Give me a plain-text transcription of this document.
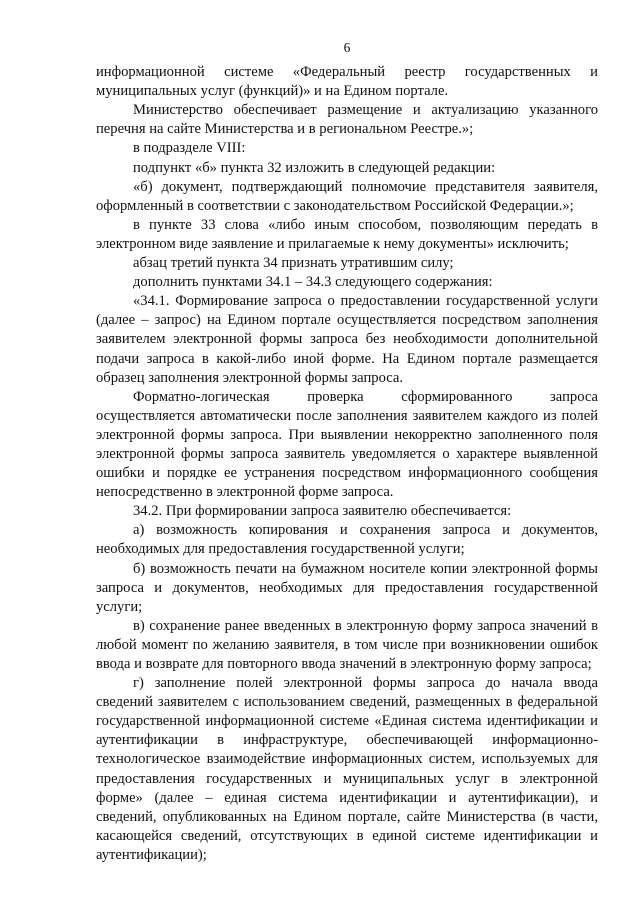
6

информационной системе «Федеральный реестр государственных и муниципальных услуг (функций)» и на Едином портале.

Министерство обеспечивает размещение и актуализацию указанного перечня на сайте Министерства и в региональном Реестре.»;

в подразделе VIII:

подпункт «б» пункта 32 изложить в следующей редакции:

«б) документ, подтверждающий полномочие представителя заявителя, оформленный в соответствии с законодательством Российской Федерации.»;

в пункте 33 слова «либо иным способом, позволяющим передать в электронном виде заявление и прилагаемые к нему документы» исключить;

абзац третий пункта 34 признать утратившим силу;

дополнить пунктами 34.1 – 34.3 следующего содержания:

«34.1. Формирование запроса о предоставлении государственной услуги (далее – запрос) на Едином портале осуществляется посредством заполнения заявителем электронной формы запроса без необходимости дополнительной подачи запроса в какой-либо иной форме. На Едином портале размещается образец заполнения электронной формы запроса.

Форматно-логическая проверка сформированного запроса осуществляется автоматически после заполнения заявителем каждого из полей электронной формы запроса. При выявлении некорректно заполненного поля электронной формы запроса заявитель уведомляется о характере выявленной ошибки и порядке ее устранения посредством информационного сообщения непосредственно в электронной форме запроса.

34.2. При формировании запроса заявителю обеспечивается:

а) возможность копирования и сохранения запроса и документов, необходимых для предоставления государственной услуги;

б) возможность печати на бумажном носителе копии электронной формы запроса и документов, необходимых для предоставления государственной услуги;

в) сохранение ранее введенных в электронную форму запроса значений в любой момент по желанию заявителя, в том числе при возникновении ошибок ввода и возврате для повторного ввода значений в электронную форму запроса;

г) заполнение полей электронной формы запроса до начала ввода сведений заявителем с использованием сведений, размещенных в федеральной государственной информационной системе «Единая система идентификации и аутентификации в инфраструктуре, обеспечивающей информационно-технологическое взаимодействие информационных систем, используемых для предоставления государственных и муниципальных услуг в электронной форме» (далее – единая система идентификации и аутентификации), и сведений, опубликованных на Едином портале, сайте Министерства (в части, касающейся сведений, отсутствующих в единой системе идентификации и аутентификации);
